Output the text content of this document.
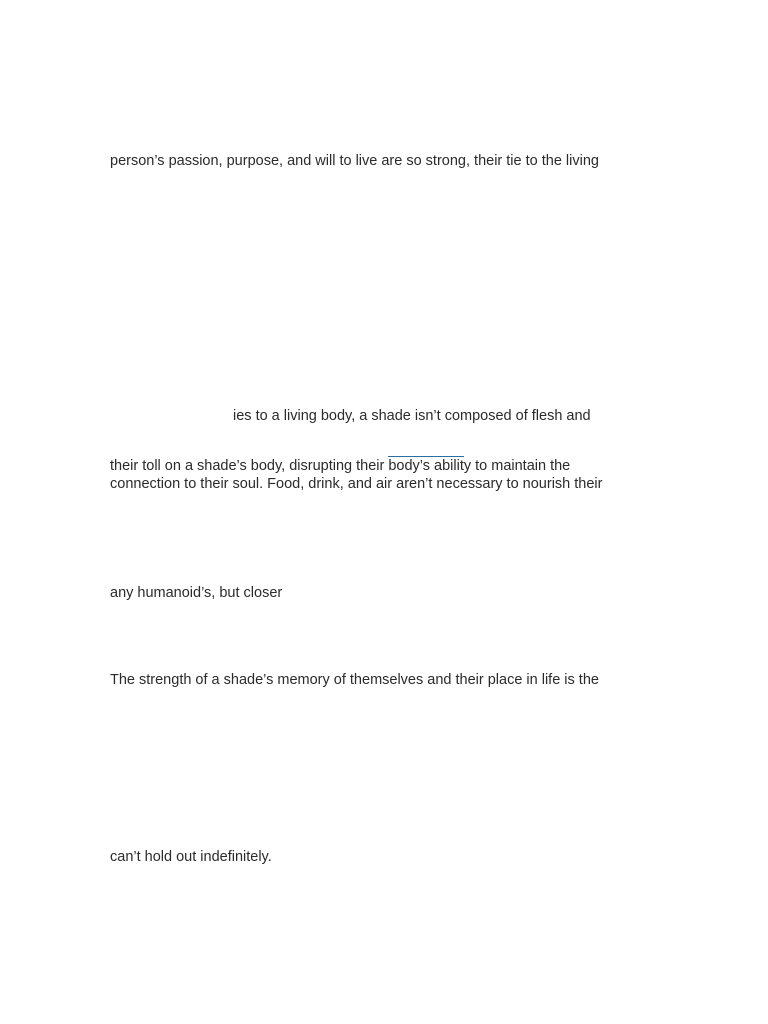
person’s passion, purpose, and will to live are so strong, their tie to the living
ies to a living body, a shade isn’t composed of flesh and
their toll on a shade’s body, disrupting their body’s ability to maintain the
connection to their soul. Food, drink, and air aren’t necessary to nourish their
any humanoid’s, but closer
The strength of a shade’s memory of themselves and their place in life is the
can’t hold out indefinitely.
